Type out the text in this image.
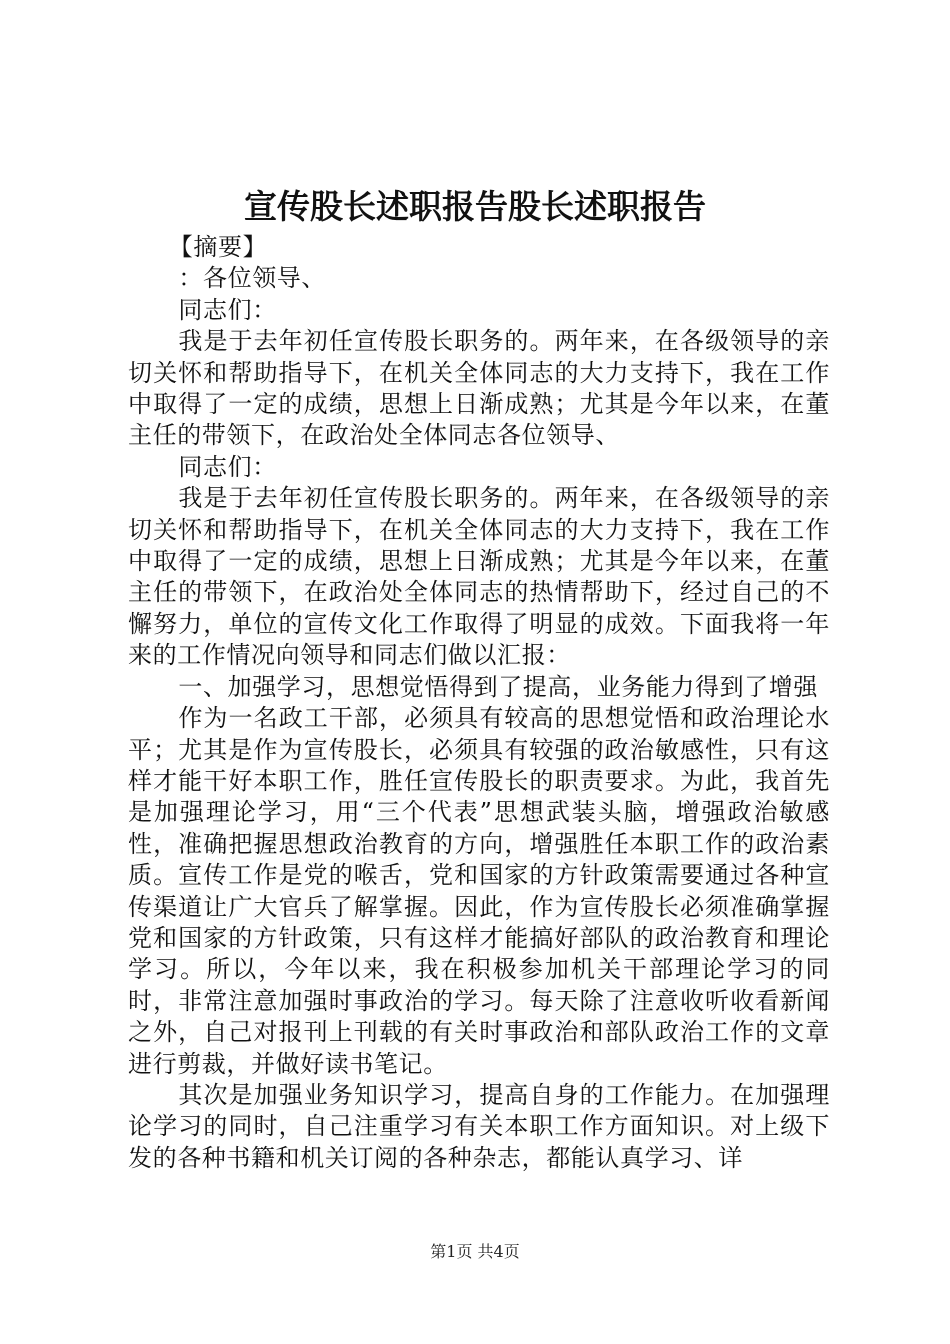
宣传股长述职报告股长述职报告

【摘要】

：各位领导、

同志们：

我是于去年初任宣传股长职务的。两年来，在各级领导的亲切关怀和帮助指导下，在机关全体同志的大力支持下，我在工作中取得了一定的成绩，思想上日渐成熟；尤其是今年以来，在董主任的带领下，在政治处全体同志各位领导、

同志们：

我是于去年初任宣传股长职务的。两年来，在各级领导的亲切关怀和帮助指导下，在机关全体同志的大力支持下，我在工作中取得了一定的成绩，思想上日渐成熟；尤其是今年以来，在董主任的带领下，在政治处全体同志的热情帮助下，经过自己的不懈努力，单位的宣传文化工作取得了明显的成效。下面我将一年来的工作情况向领导和同志们做以汇报：

一、加强学习，思想觉悟得到了提高，业务能力得到了增强

作为一名政工干部，必须具有较高的思想觉悟和政治理论水平；尤其是作为宣传股长，必须具有较强的政治敏感性，只有这样才能干好本职工作，胜任宣传股长的职责要求。为此，我首先是加强理论学习，用“三个代表”思想武装头脑，增强政治敏感性，准确把握思想政治教育的方向，增强胜任本职工作的政治素质。宣传工作是党的喉舌，党和国家的方针政策需要通过各种宣传渠道让广大官兵了解掌握。因此，作为宣传股长必须准确掌握党和国家的方针政策，只有这样才能搞好部队的政治教育和理论学习。所以，今年以来，我在积极参加机关干部理论学习的同时，非常注意加强时事政治的学习。每天除了注意收听收看新闻之外，自己对报刊上刊载的有关时事政治和部队政治工作的文章进行剪裁，并做好读书笔记。

其次是加强业务知识学习，提高自身的工作能力。在加强理论学习的同时，自己注重学习有关本职工作方面知识。对上级下发的各种书籍和机关订阅的各种杂志，都能认真学习、详

第1页 共4页
